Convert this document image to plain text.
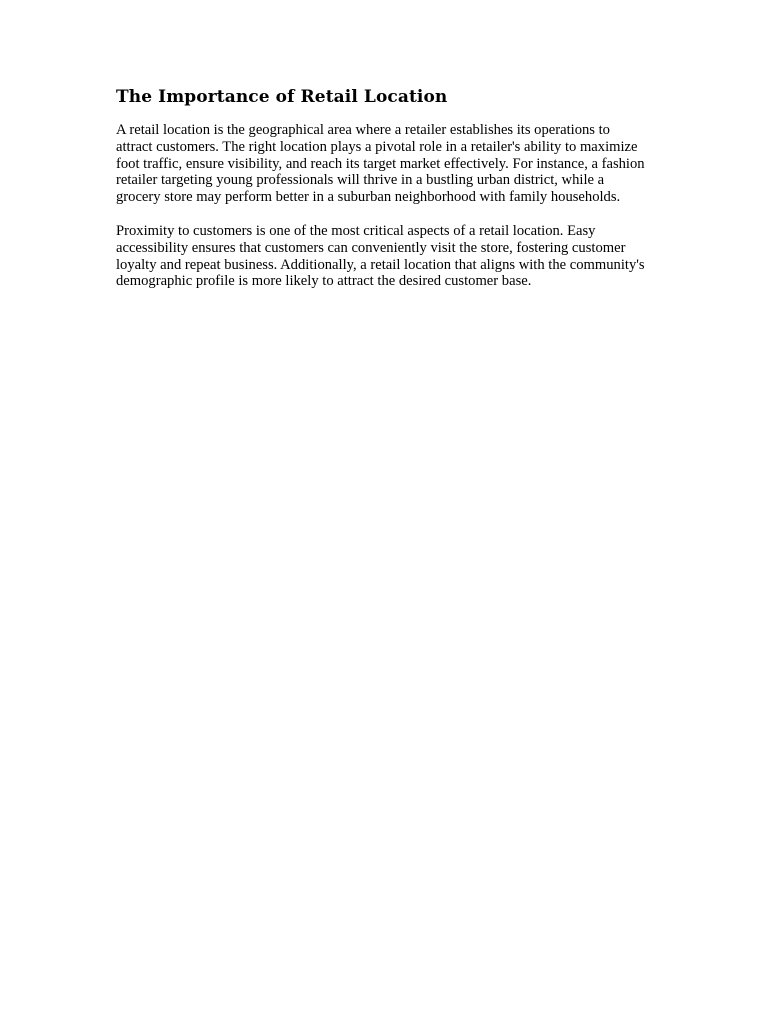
The Importance of Retail Location

A retail location is the geographical area where a retailer establishes its operations to attract customers. The right location plays a pivotal role in a retailer's ability to maximize foot traffic, ensure visibility, and reach its target market effectively. For instance, a fashion retailer targeting young professionals will thrive in a bustling urban district, while a grocery store may perform better in a suburban neighborhood with family households.

Proximity to customers is one of the most critical aspects of a retail location. Easy accessibility ensures that customers can conveniently visit the store, fostering customer loyalty and repeat business. Additionally, a retail location that aligns with the community's demographic profile is more likely to attract the desired customer base.
